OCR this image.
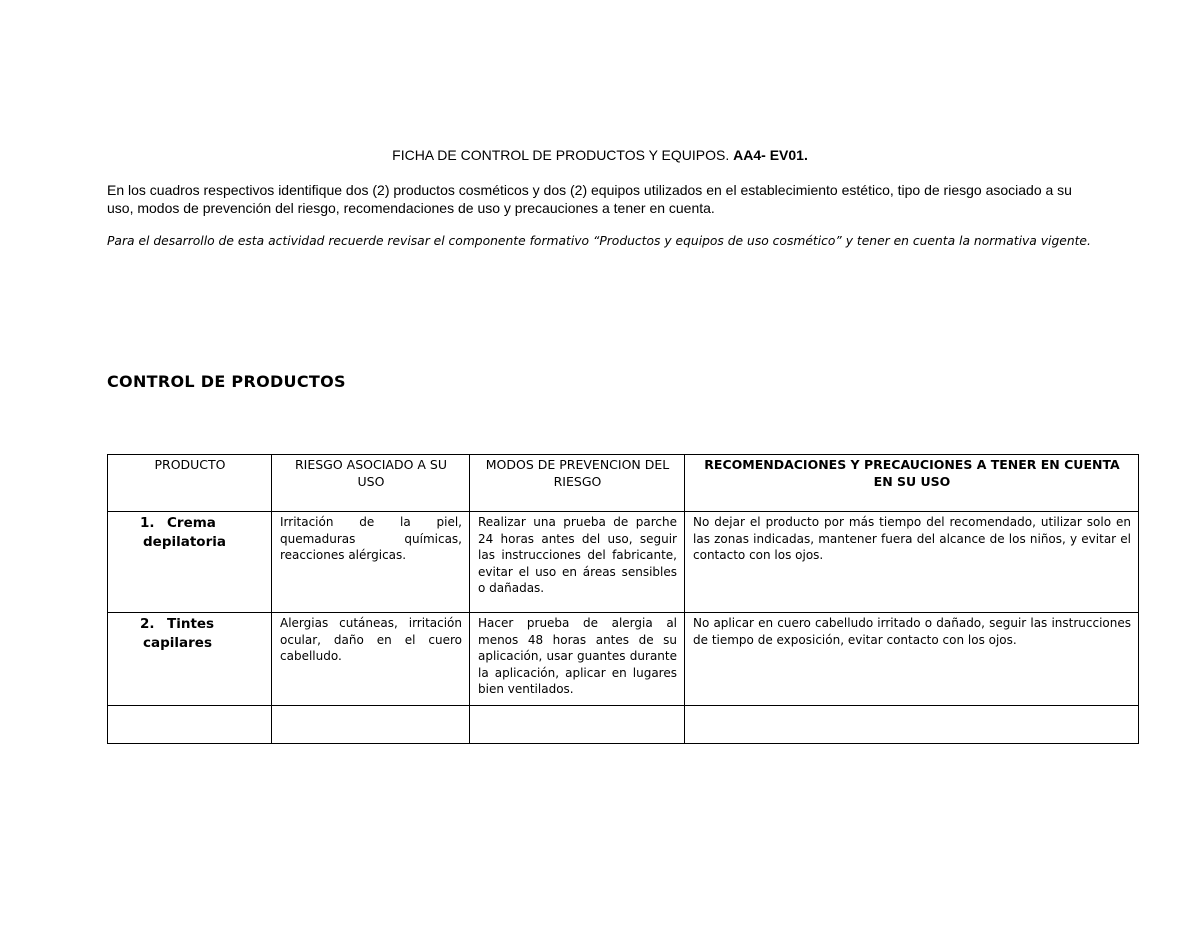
FICHA DE CONTROL DE PRODUCTOS Y EQUIPOS. AA4- EV01.
En los cuadros respectivos identifique dos (2) productos cosméticos y dos (2) equipos utilizados en el establecimiento estético, tipo de riesgo asociado a su uso, modos de prevención del riesgo, recomendaciones de uso y precauciones a tener en cuenta.
Para el desarrollo de esta actividad recuerde revisar el componente formativo “Productos y equipos de uso cosmético” y tener en cuenta la normativa vigente.
CONTROL DE PRODUCTOS
PRODUCTO	RIESGO ASOCIADO A SU USO	MODOS DE PREVENCION DEL RIESGO	RECOMENDACIONES Y PRECAUCIONES A TENER EN CUENTA EN SU USO
1. Crema depilatoria	Irritación de la piel, quemaduras químicas, reacciones alérgicas.	Realizar una prueba de parche 24 horas antes del uso, seguir las instrucciones del fabricante, evitar el uso en áreas sensibles o dañadas.	No dejar el producto por más tiempo del recomendado, utilizar solo en las zonas indicadas, mantener fuera del alcance de los niños, y evitar el contacto con los ojos.
2. Tintes capilares	Alergias cutáneas, irritación ocular, daño en el cuero cabelludo.	Hacer prueba de alergia al menos 48 horas antes de su aplicación, usar guantes durante la aplicación, aplicar en lugares bien ventilados.	No aplicar en cuero cabelludo irritado o dañado, seguir las instrucciones de tiempo de exposición, evitar contacto con los ojos.
